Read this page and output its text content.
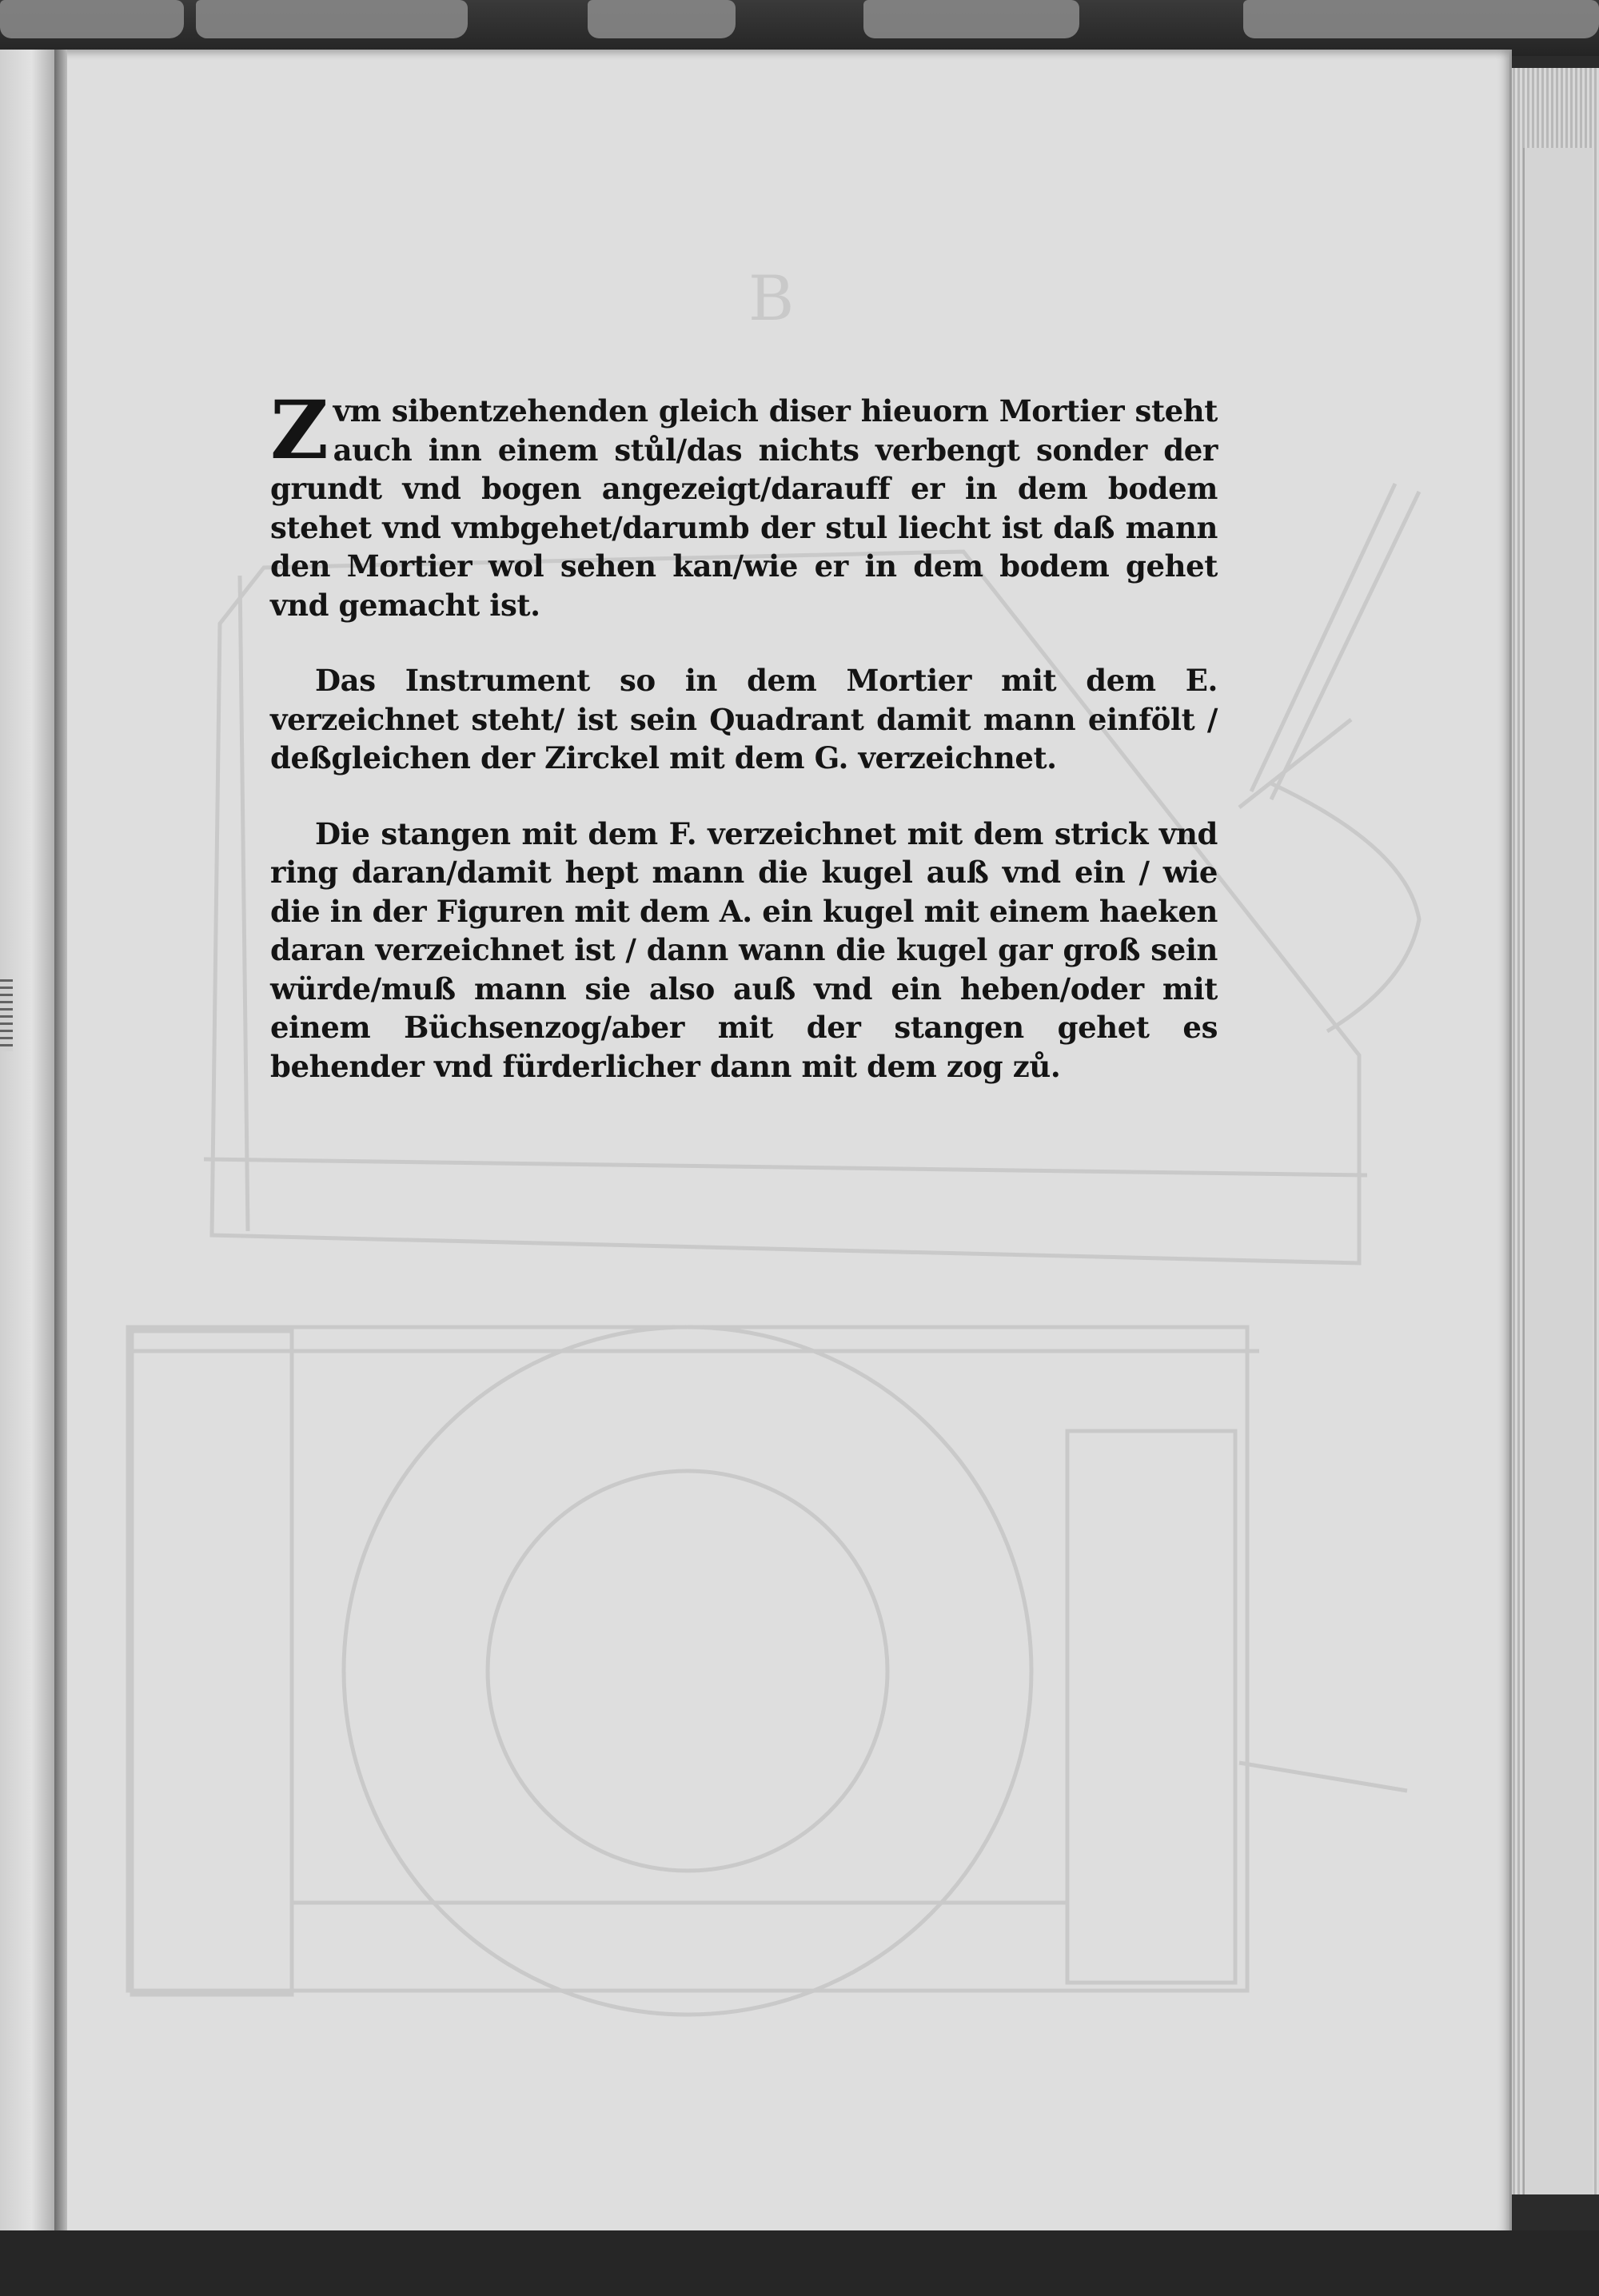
B

Zvm sibentzehenden gleich diser hieuorn Mortier steht auch inn einem stůl/das nichts verbengt sonder der grundt vnd bogen angezeigt/darauff er in dem bodem stehet vnd vmbgehet/darumb der stul liecht ist daß mann den Mortier wol sehen kan/wie er in dem bodem gehet vnd gemacht ist.

Das Instrument so in dem Mortier mit dem E. verzeichnet steht/ ist sein Quadrant damit mann einfölt / deßgleichen der Zirckel mit dem G. verzeichnet.

Die stangen mit dem F. verzeichnet mit dem strick vnd ring daran/damit hept mann die kugel auß vnd ein / wie die in der Figuren mit dem A. ein kugel mit einem haeken daran verzeichnet ist / dann wann die kugel gar groß sein würde/muß mann sie also auß vnd ein heben/oder mit einem Büchsenzog/aber mit der stangen gehet es behender vnd fürderlicher dann mit dem zog zů.
